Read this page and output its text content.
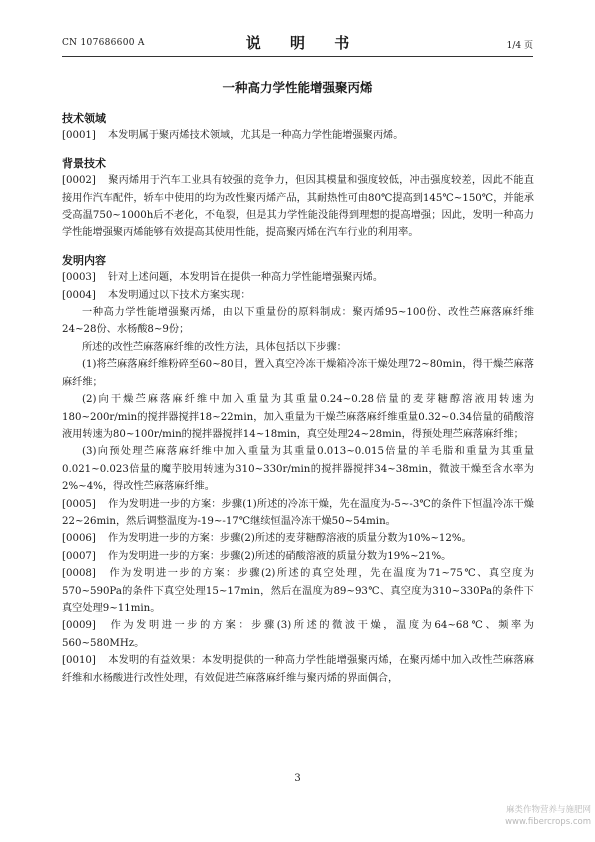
CN 107686600 A	说 明 书	1/4 页
一种高力学性能增强聚丙烯

技术领域

[0001] 本发明属于聚丙烯技术领域，尤其是一种高力学性能增强聚丙烯。

背景技术

[0002] 聚丙烯用于汽车工业具有较强的竞争力，但因其模量和强度较低，冲击强度较差，因此不能直接用作汽车配件，轿车中使用的均为改性聚丙烯产品，其耐热性可由80℃提高到145℃~150℃，并能承受高温750~1000h后不老化，不龟裂，但是其力学性能没能得到理想的提高增强；因此，发明一种高力学性能增强聚丙烯能够有效提高其使用性能，提高聚丙烯在汽车行业的利用率。

发明内容

[0003] 针对上述问题，本发明旨在提供一种高力学性能增强聚丙烯。

[0004] 本发明通过以下技术方案实现：

一种高力学性能增强聚丙烯，由以下重量份的原料制成：聚丙烯95~100份、改性苎麻落麻纤维24~28份、水杨酸8~9份；

所述的改性苎麻落麻纤维的改性方法，具体包括以下步骤：

(1)将苎麻落麻纤维粉碎至60~80目，置入真空冷冻干燥箱冷冻干燥处理72~80min，得干燥苎麻落麻纤维；

(2)向干燥苎麻落麻纤维中加入重量为其重量0.24~0.28倍量的麦芽糖醇溶液用转速为180~200r/min的搅拌器搅拌18~22min，加入重量为干燥苎麻落麻纤维重量0.32~0.34倍量的硝酸溶液用转速为80~100r/min的搅拌器搅拌14~18min，真空处理24~28min，得预处理苎麻落麻纤维；

(3)向预处理苎麻落麻纤维中加入重量为其重量0.013~0.015倍量的羊毛脂和重量为其重量0.021~0.023倍量的魔芋胶用转速为310~330r/min的搅拌器搅拌34~38min，微波干燥至含水率为2%~4%，得改性苎麻落麻纤维。

[0005] 作为发明进一步的方案：步骤(1)所述的冷冻干燥，先在温度为-5~-3℃的条件下恒温冷冻干燥22~26min，然后调整温度为-19~-17℃继续恒温冷冻干燥50~54min。

[0006] 作为发明进一步的方案：步骤(2)所述的麦芽糖醇溶液的质量分数为10%~12%。

[0007] 作为发明进一步的方案：步骤(2)所述的硝酸溶液的质量分数为19%~21%。

[0008] 作为发明进一步的方案：步骤(2)所述的真空处理，先在温度为71~75℃、真空度为570~590Pa的条件下真空处理15~17min，然后在温度为89~93℃、真空度为310~330Pa的条件下真空处理9~11min。

[0009] 作为发明进一步的方案：步骤(3)所述的微波干燥，温度为64~68℃、频率为560~580MHz。

[0010] 本发明的有益效果：本发明提供的一种高力学性能增强聚丙烯，在聚丙烯中加入改性苎麻落麻纤维和水杨酸进行改性处理，有效促进苎麻落麻纤维与聚丙烯的界面偶合，

3
麻类作物营养与施肥网
www.fibercrops.com
